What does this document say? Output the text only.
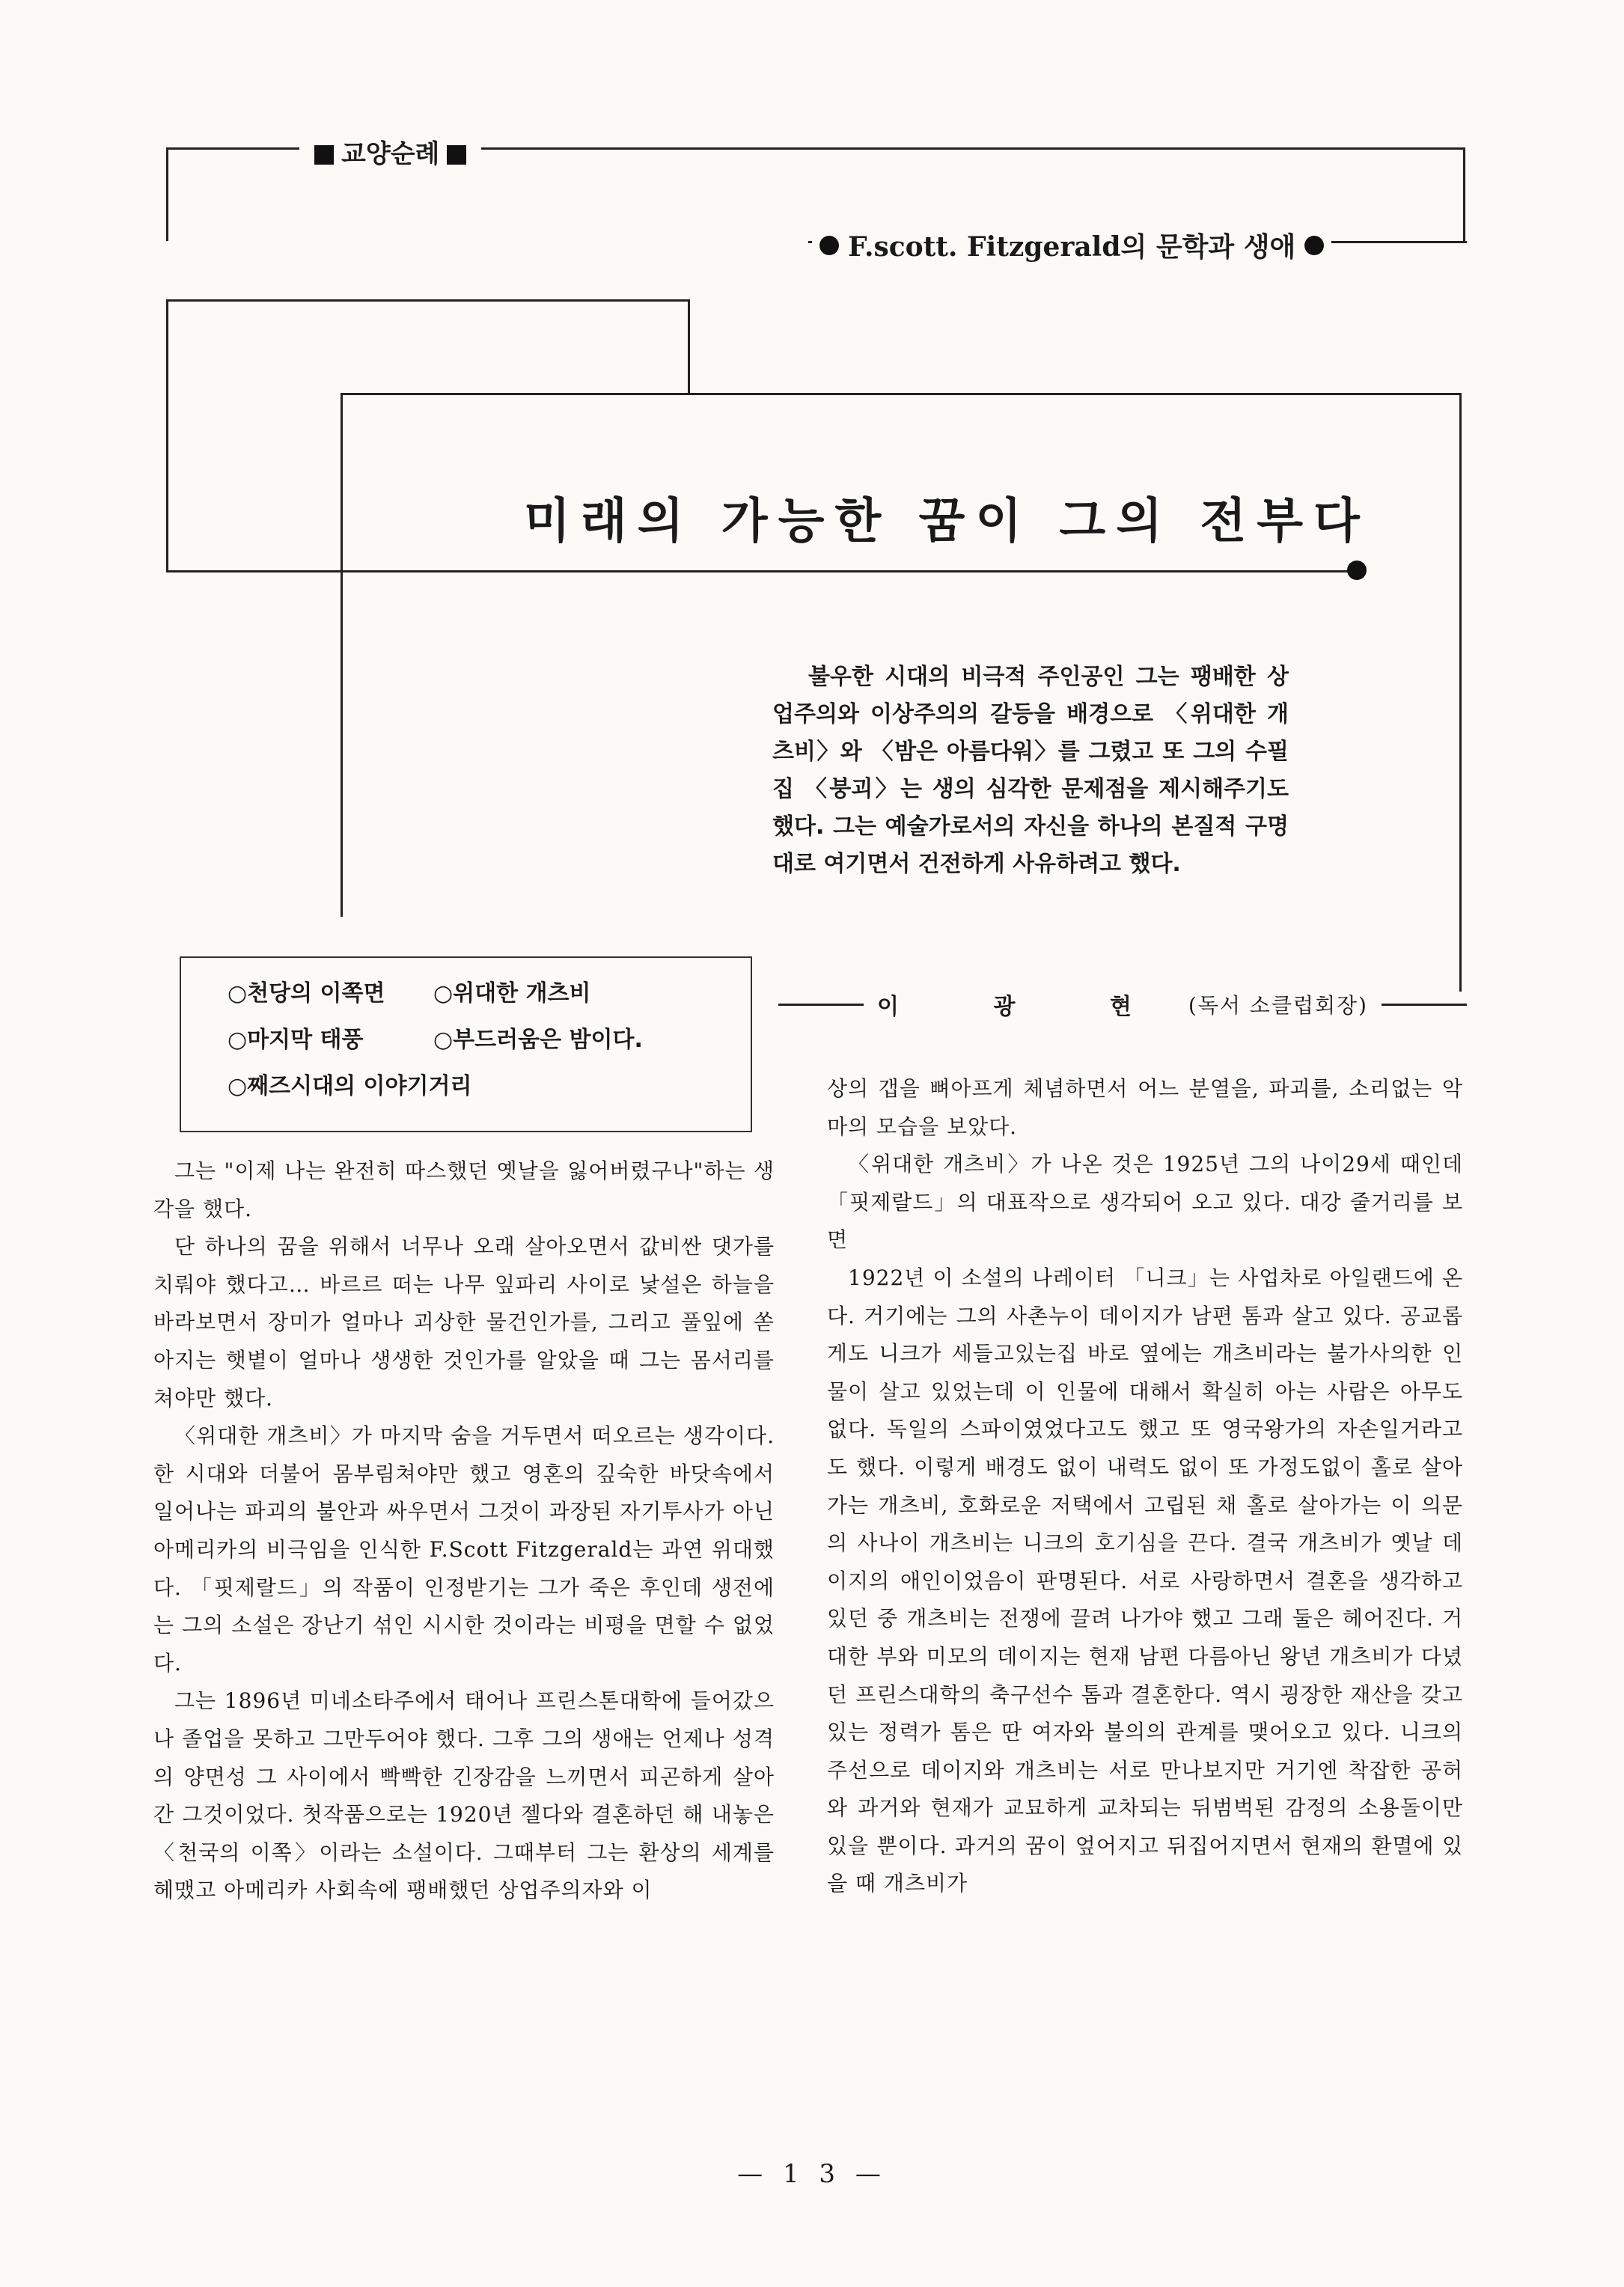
교양순례
F.scott. Fitzgerald의 문학과 생애
미래의 가능한 꿈이 그의 전부다

불우한 시대의 비극적 주인공인 그는 팽배한 상업주의와 이상주의의 갈등을 배경으로 〈위대한 개츠비〉와 〈밤은 아름다워〉를 그렸고 또 그의 수필집 〈붕괴〉는 생의 심각한 문제점을 제시해주기도 했다. 그는 예술가로서의 자신을 하나의 본질적 구명대로 여기면서 건전하게 사유하려고 했다.

○천당의 이쪽면	○위대한 개츠비
○마지막 태풍	○부드러움은 밤이다.
○째즈시대의 이야기거리
이 광 현 (독서 소클럽회장)

그는 "이제 나는 완전히 따스했던 옛날을 잃어버렸구나"하는 생각을 했다.

단 하나의 꿈을 위해서 너무나 오래 살아오면서 값비싼 댓가를 치뤄야 했다고… 바르르 떠는 나무 잎파리 사이로 낯설은 하늘을 바라보면서 장미가 얼마나 괴상한 물건인가를, 그리고 풀잎에 쏟아지는 햇볕이 얼마나 생생한 것인가를 알았을 때 그는 몸서리를 쳐야만 했다.

〈위대한 개츠비〉가 마지막 숨을 거두면서 떠오르는 생각이다. 한 시대와 더불어 몸부림쳐야만 했고 영혼의 깊숙한 바닷속에서 일어나는 파괴의 불안과 싸우면서 그것이 과장된 자기투사가 아닌 아메리카의 비극임을 인식한 F.Scott Fitzgerald는 과연 위대했다. 「핏제랄드」의 작품이 인정받기는 그가 죽은 후인데 생전에는 그의 소설은 장난기 섞인 시시한 것이라는 비평을 면할 수 없었다.

그는 1896년 미네소타주에서 태어나 프린스톤대학에 들어갔으나 졸업을 못하고 그만두어야 했다. 그후 그의 생애는 언제나 성격의 양면성 그 사이에서 빡빡한 긴장감을 느끼면서 피곤하게 살아간 그것이었다. 첫작품으로는 1920년 젤다와 결혼하던 해 내놓은 〈천국의 이쪽〉이라는 소설이다. 그때부터 그는 환상의 세계를 헤맸고 아메리카 사회속에 팽배했던 상업주의자와 이

상의 갭을 뼈아프게 체념하면서 어느 분열을, 파괴를, 소리없는 악마의 모습을 보았다.

〈위대한 개츠비〉가 나온 것은 1925년 그의 나이29세 때인데 「핏제랄드」의 대표작으로 생각되어 오고 있다. 대강 줄거리를 보면

1922년 이 소설의 나레이터 「니크」는 사업차로 아일랜드에 온다. 거기에는 그의 사촌누이 데이지가 남편 톰과 살고 있다. 공교롭게도 니크가 세들고있는집 바로 옆에는 개츠비라는 불가사의한 인물이 살고 있었는데 이 인물에 대해서 확실히 아는 사람은 아무도 없다. 독일의 스파이였었다고도 했고 또 영국왕가의 자손일거라고도 했다. 이렇게 배경도 없이 내력도 없이 또 가정도없이 홀로 살아가는 개츠비, 호화로운 저택에서 고립된 채 홀로 살아가는 이 의문의 사나이 개츠비는 니크의 호기심을 끈다. 결국 개츠비가 옛날 데이지의 애인이었음이 판명된다. 서로 사랑하면서 결혼을 생각하고 있던 중 개츠비는 전쟁에 끌려 나가야 했고 그래 둘은 헤어진다. 거대한 부와 미모의 데이지는 현재 남편 다름아닌 왕년 개츠비가 다녔던 프린스대학의 축구선수 톰과 결혼한다. 역시 굉장한 재산을 갖고 있는 정력가 톰은 딴 여자와 불의의 관계를 맺어오고 있다. 니크의 주선으로 데이지와 개츠비는 서로 만나보지만 거기엔 착잡한 공허와 과거와 현재가 교묘하게 교차되는 뒤범벅된 감정의 소용돌이만 있을 뿐이다. 과거의 꿈이 엎어지고 뒤집어지면서 현재의 환멸에 있을 때 개츠비가

— 1 3 —
